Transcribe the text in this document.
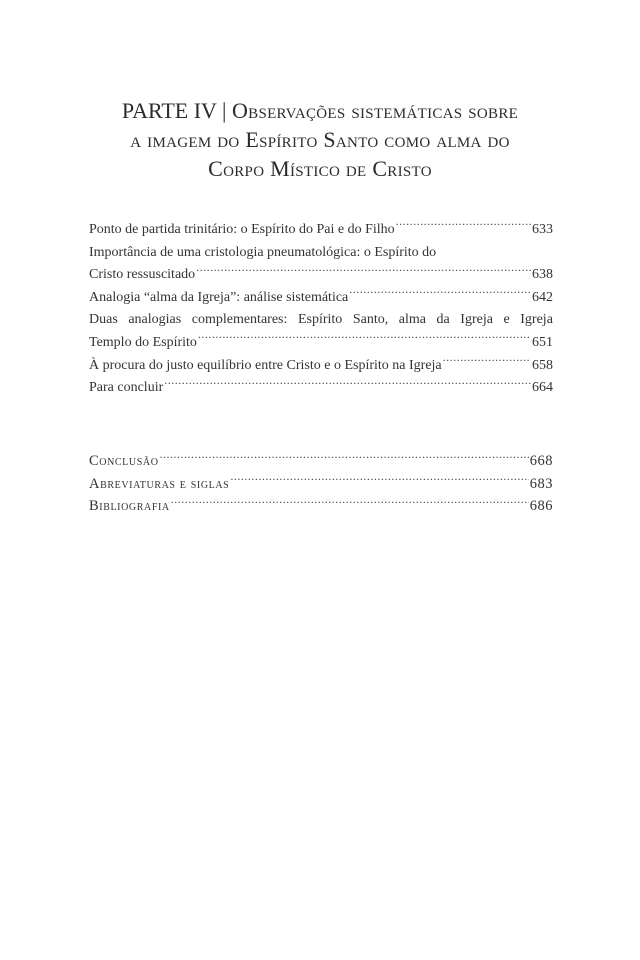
PARTE IV | Observações sistemáticas sobre
a imagem do Espírito Santo como alma do
Corpo Místico de Cristo
Ponto de partida trinitário: o Espírito do Pai e do Filho .....	633
Importância de uma cristologia pneumatológica: o Espírito do
Cristo ressuscitado .....	638
Analogia “alma da Igreja”: análise sistemática .....	642
Duas analogias complementares: Espírito Santo, alma da Igreja e Igreja
Templo do Espírito .....	651
À procura do justo equilíbrio entre Cristo e o Espírito na Igreja .....	658
Para concluir .....	664
Conclusão .....	668
Abreviaturas e siglas .....	683
Bibliografia .....	686
